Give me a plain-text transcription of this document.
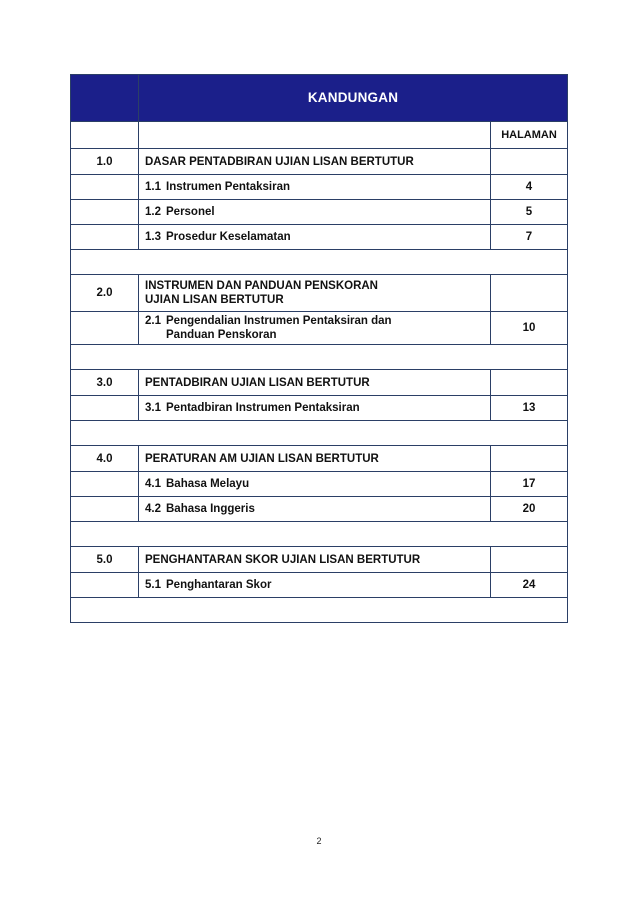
	KANDUNGAN	
		HALAMAN
1.0	DASAR PENTADBIRAN UJIAN LISAN BERTUTUR	
	1.1 Instrumen Pentaksiran	4
	1.2 Personel	5
	1.3 Prosedur Keselamatan	7

2.0	INSTRUMEN DAN PANDUAN PENSKORAN
UJIAN LISAN BERTUTUR	

	2.1 Pengendalian Instrumen Pentaksiran dan
Panduan Penskoran	10

3.0	PENTADBIRAN UJIAN LISAN BERTUTUR	
	3.1 Pentadbiran Instrumen Pentaksiran	13

4.0	PERATURAN AM UJIAN LISAN BERTUTUR	
	4.1 Bahasa Melayu	17
	4.2 Bahasa Inggeris	20

5.0	PENGHANTARAN SKOR UJIAN LISAN BERTUTUR	
	5.1 Penghantaran Skor	24

2
